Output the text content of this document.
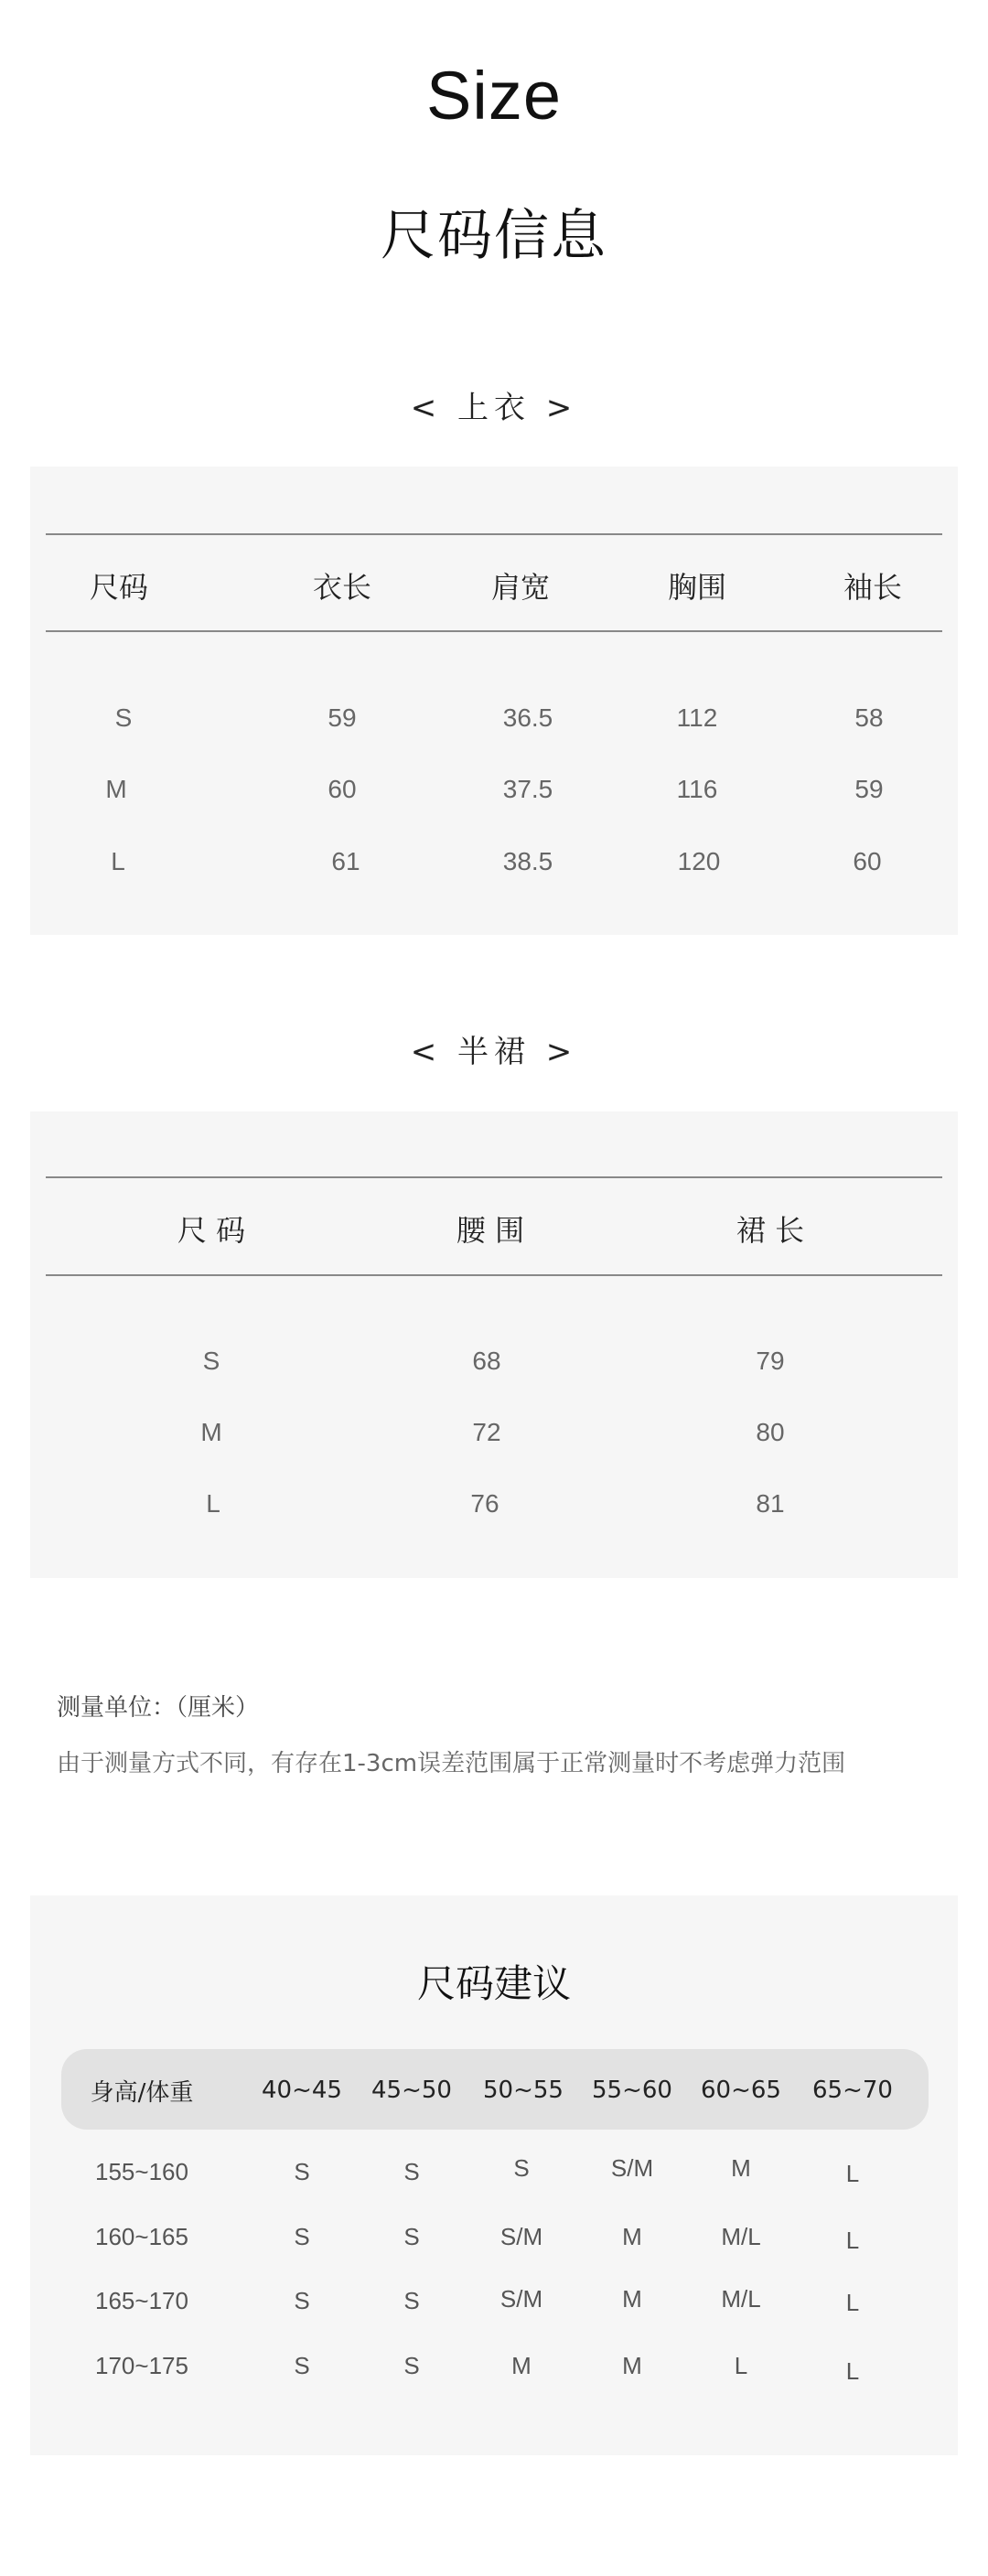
Size
尺码信息
< 上衣 >
尺码	衣长	肩宽	胸围	袖长
S	59	36.5	112	58
M	60	37.5	116	59
L	61	38.5	120	60
< 半裙 >
尺 码	腰 围	裙 长
S	68	79
M	72	80
L	76	81
测量单位：（厘米）
由于测量方式不同，有存在1-3cm误差范围属于正常测量时不考虑弹力范围
尺码建议
身高/体重	40~45	45~50	50~55	55~60	60~65	65~70
155~160	S	S	S	S/M	M	L
160~165	S	S	S/M	M	M/L	L
165~170	S	S	S/M	M	M/L	L
170~175	S	S	M	M	L	L
